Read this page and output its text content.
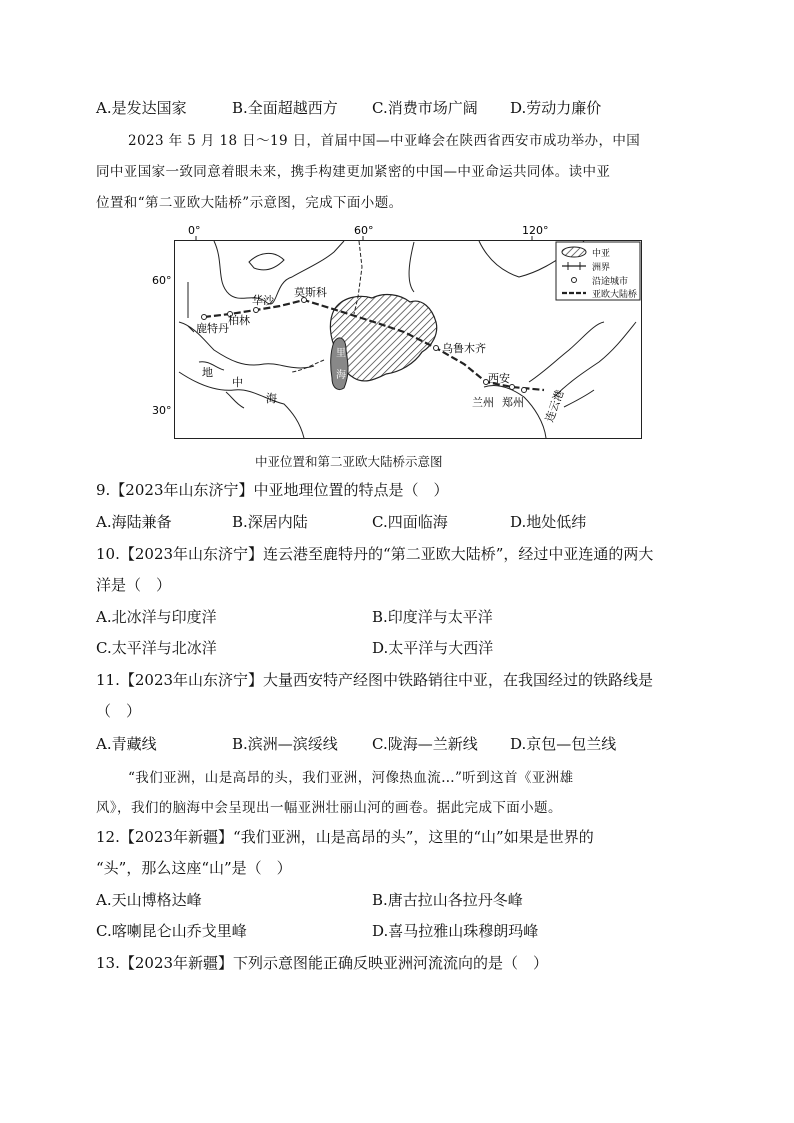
A.是发达国家	B.全面超越西方 C.消费市场广阔 D.劳动力廉价
2023 年 5 月 18 日～19 日，首届中国—中亚峰会在陕西省西安市成功举办，中国
同中亚国家一致同意着眼未来，携手构建更加紧密的中国—中亚命运共同体。读中亚
位置和“第二亚欧大陆桥”示意图，完成下面小题。
0°	60°	120°
60°
30°
莫斯科
华沙
柏林
鹿特丹
乌鲁木齐
西安
兰州 郑州 连云港
里
海
地
中
海
中亚
洲界
沿途城市
亚欧大陆桥
中亚位置和第二亚欧大陆桥示意图
9.【2023年山东济宁】中亚地理位置的特点是（　）
A.海陆兼备	B.深居内陆	C.四面临海	D.地处低纬
10.【2023年山东济宁】连云港至鹿特丹的“第二亚欧大陆桥”，经过中亚连通的两大
洋是（　）
A.北冰洋与印度洋	B.印度洋与太平洋
C.太平洋与北冰洋	D.太平洋与大西洋
11.【2023年山东济宁】大量西安特产经图中铁路销往中亚，在我国经过的铁路线是
（　）
A.青藏线	B.滨洲—滨绥线 C.陇海—兰新线 D.京包—包兰线
“我们亚洲，山是高昂的头，我们亚洲，河像热血流…”听到这首《亚洲雄
风》，我们的脑海中会呈现出一幅亚洲壮丽山河的画卷。据此完成下面小题。
12.【2023年新疆】“我们亚洲，山是高昂的头”，这里的“山”如果是世界的
“头”，那么这座“山”是（　）
A.天山博格达峰	B.唐古拉山各拉丹冬峰
C.喀喇昆仑山乔戈里峰	D.喜马拉雅山珠穆朗玛峰
13.【2023年新疆】下列示意图能正确反映亚洲河流流向的是（　）
